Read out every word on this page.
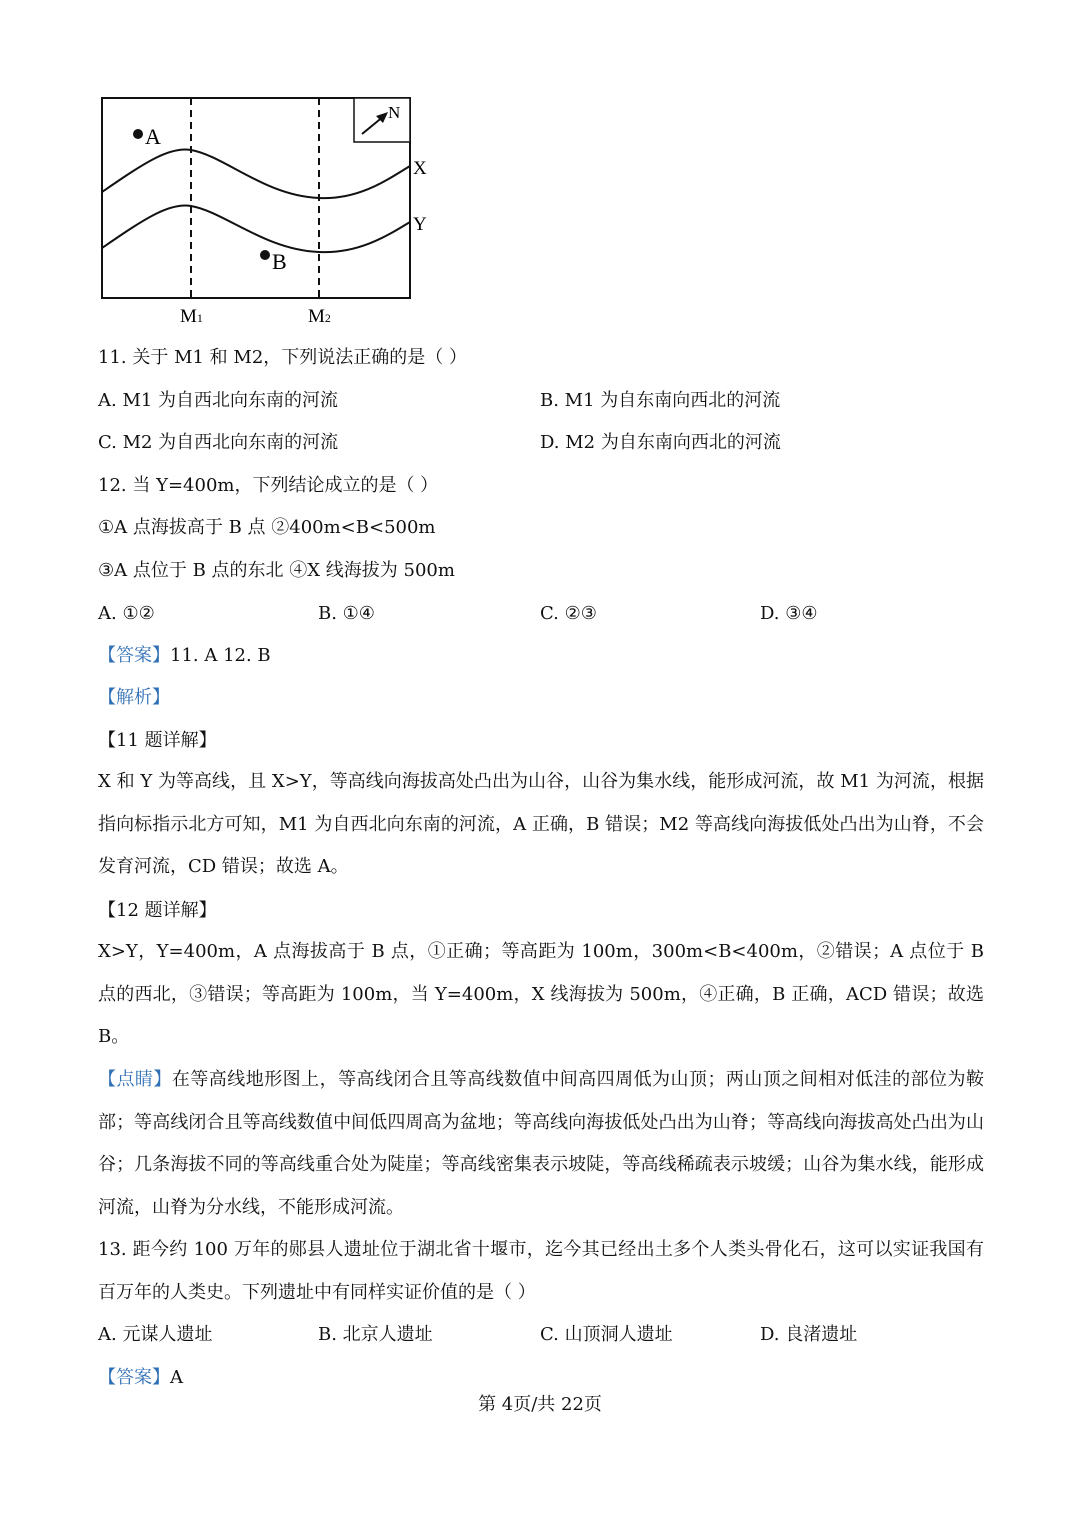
N
A
B
X
Y
M1	M2
11. 关于 M1 和 M2，下列说法正确的是（ ）
A. M1 为自西北向东南的河流	B. M1 为自东南向西北的河流
C. M2 为自西北向东南的河流	D. M2 为自东南向西北的河流
12. 当 Y=400m，下列结论成立的是（ ）
①A 点海拔高于 B 点 ②400m<B<500m
③A 点位于 B 点的东北 ④X 线海拔为 500m
A. ①②	B. ①④	C. ②③	D. ③④
【答案】11. A 12. B
【解析】
【11 题详解】
X 和 Y 为等高线，且 X>Y，等高线向海拔高处凸出为山谷，山谷为集水线，能形成河流，故 M1 为河流，根据指向标指示北方可知，M1 为自西北向东南的河流，A 正确，B 错误；M2 等高线向海拔低处凸出为山脊，不会发育河流，CD 错误；故选 A。
【12 题详解】
X>Y，Y=400m，A 点海拔高于 B 点，①正确；等高距为 100m，300m<B<400m，②错误；A 点位于 B 点的西北，③错误；等高距为 100m，当 Y=400m，X 线海拔为 500m，④正确，B 正确，ACD 错误；故选 B。
【点睛】在等高线地形图上，等高线闭合且等高线数值中间高四周低为山顶；两山顶之间相对低洼的部位为鞍部；等高线闭合且等高线数值中间低四周高为盆地；等高线向海拔低处凸出为山脊；等高线向海拔高处凸出为山谷；几条海拔不同的等高线重合处为陡崖；等高线密集表示坡陡，等高线稀疏表示坡缓；山谷为集水线，能形成河流，山脊为分水线，不能形成河流。
13. 距今约 100 万年的郧县人遗址位于湖北省十堰市，迄今其已经出土多个人类头骨化石，这可以实证我国有百万年的人类史。下列遗址中有同样实证价值的是（ ）
A. 元谋人遗址	B. 北京人遗址	C. 山顶洞人遗址	D. 良渚遗址
【答案】A
第 4页/共 22页
